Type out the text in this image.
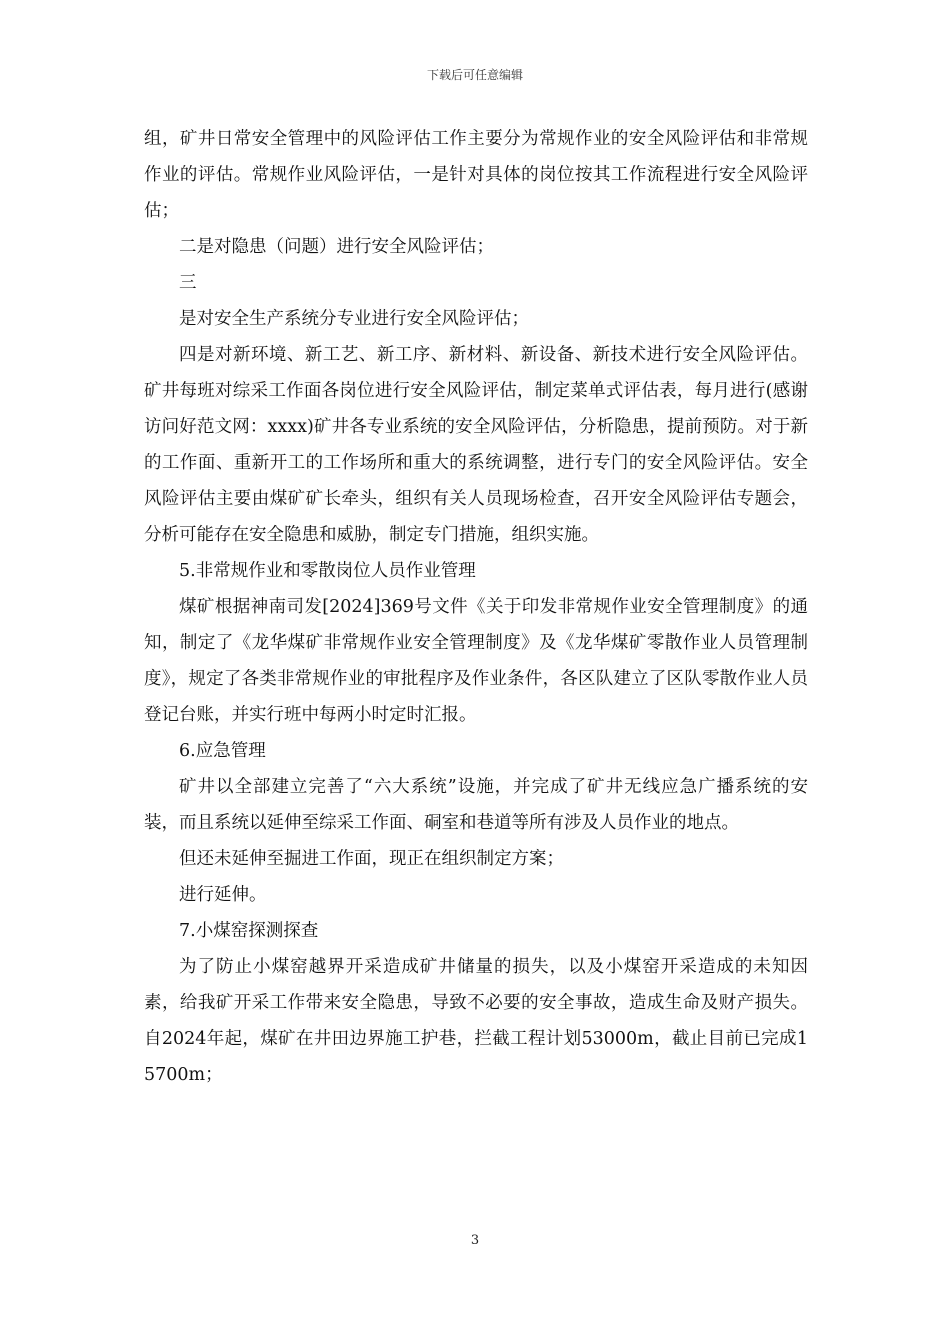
下载后可任意编辑

组，矿井日常安全管理中的风险评估工作主要分为常规作业的安全风险评估和非常规作业的评估。常规作业风险评估，一是针对具体的岗位按其工作流程进行安全风险评估；

二是对隐患（问题）进行安全风险评估；

三

是对安全生产系统分专业进行安全风险评估；

四是对新环境、新工艺、新工序、新材料、新设备、新技术进行安全风险评估。矿井每班对综采工作面各岗位进行安全风险评估，制定菜单式评估表，每月进行(感谢访问好范文网：xxxx)矿井各专业系统的安全风险评估，分析隐患，提前预防。对于新的工作面、重新开工的工作场所和重大的系统调整，进行专门的安全风险评估。安全风险评估主要由煤矿矿长牵头，组织有关人员现场检查，召开安全风险评估专题会，分析可能存在安全隐患和威胁，制定专门措施，组织实施。

5.非常规作业和零散岗位人员作业管理

煤矿根据神南司发[2024]369号文件《关于印发非常规作业安全管理制度》的通知，制定了《龙华煤矿非常规作业安全管理制度》及《龙华煤矿零散作业人员管理制度》，规定了各类非常规作业的审批程序及作业条件，各区队建立了区队零散作业人员登记台账，并实行班中每两小时定时汇报。

6.应急管理

矿井以全部建立完善了“六大系统”设施，并完成了矿井无线应急广播系统的安装，而且系统以延伸至综采工作面、硐室和巷道等所有涉及人员作业的地点。

但还未延伸至掘进工作面，现正在组织制定方案；

进行延伸。

7.小煤窑探测探查

为了防止小煤窑越界开采造成矿井储量的损失，以及小煤窑开采造成的未知因素，给我矿开采工作带来安全隐患，导致不必要的安全事故，造成生命及财产损失。自2024年起，煤矿在井田边界施工护巷，拦截工程计划53000m，截止目前已完成15700m；

3
